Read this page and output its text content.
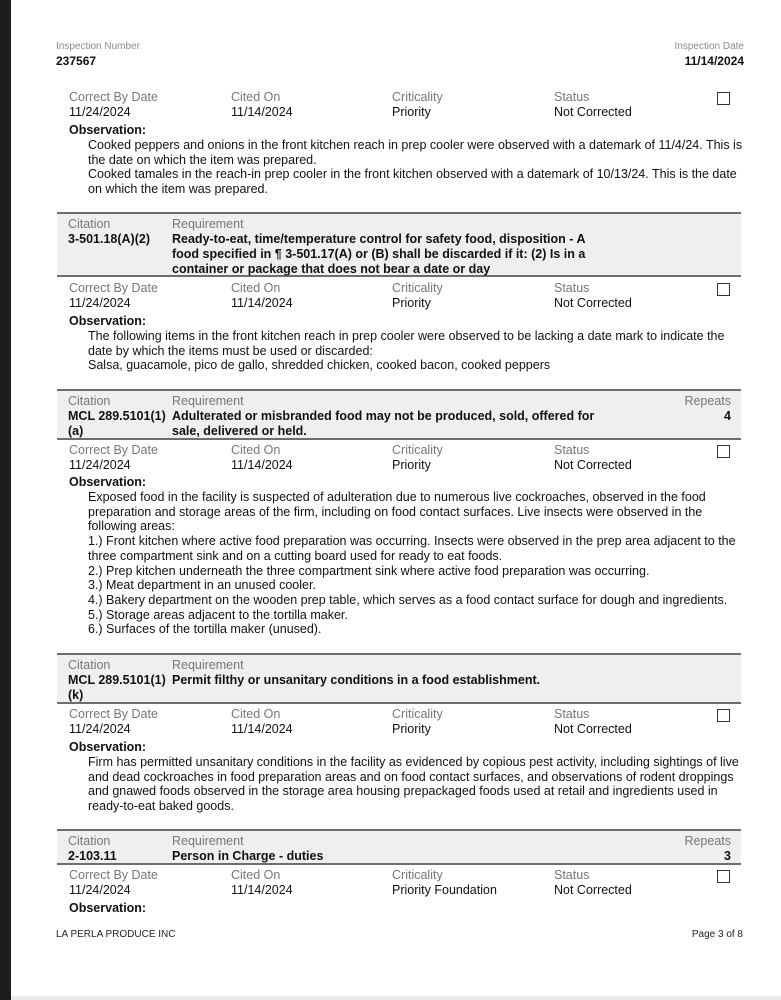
Inspection Number
237567
Inspection Date
11/14/2024
Correct By Date
11/24/2024
Cited On
11/14/2024
Criticality
Priority
Status
Not Corrected
Observation:

Cooked peppers and onions in the front kitchen reach in prep cooler were observed with a datemark of 11/4/24. This is the date on which the item was prepared.

Cooked tamales in the reach-in prep cooler in the front kitchen observed with a datemark of 10/13/24. This is the date on which the item was prepared.

Citation
3-501.18(A)(2)
Requirement
Ready-to-eat, time/temperature control for safety food, disposition - A food specified in ¶ 3-501.17(A) or (B) shall be discarded if it: (2) Is in a container or package that does not bear a date or day
Correct By Date
11/24/2024
Cited On
11/14/2024
Criticality
Priority
Status
Not Corrected
Observation:

The following items in the front kitchen reach in prep cooler were observed to be lacking a date mark to indicate the date by which the items must be used or discarded:

Salsa, guacamole, pico de gallo, shredded chicken, cooked bacon, cooked peppers

Citation
MCL 289.5101(1)(a)
Requirement
Adulterated or misbranded food may not be produced, sold, offered for sale, delivered or held.
Repeats
4
Correct By Date
11/24/2024
Cited On
11/14/2024
Criticality
Priority
Status
Not Corrected
Observation:

Exposed food in the facility is suspected of adulteration due to numerous live cockroaches, observed in the food preparation and storage areas of the firm, including on food contact surfaces. Live insects were observed in the following areas:

1.) Front kitchen where active food preparation was occurring. Insects were observed in the prep area adjacent to the three compartment sink and on a cutting board used for ready to eat foods.

2.) Prep kitchen underneath the three compartment sink where active food preparation was occurring.

3.) Meat department in an unused cooler.

4.) Bakery department on the wooden prep table, which serves as a food contact surface for dough and ingredients.

5.) Storage areas adjacent to the tortilla maker.

6.) Surfaces of the tortilla maker (unused).

Citation
MCL 289.5101(1)(k)
Requirement
Permit filthy or unsanitary conditions in a food establishment.
Correct By Date
11/24/2024
Cited On
11/14/2024
Criticality
Priority
Status
Not Corrected
Observation:

Firm has permitted unsanitary conditions in the facility as evidenced by copious pest activity, including sightings of live and dead cockroaches in food preparation areas and on food contact surfaces, and observations of rodent droppings and gnawed foods observed in the storage area housing prepackaged foods used at retail and ingredients used in ready-to-eat baked goods.

Citation
2-103.11
Requirement
Person in Charge - duties
Repeats
3
Correct By Date
11/24/2024
Cited On
11/14/2024
Criticality
Priority Foundation
Status
Not Corrected
Observation:
LA PERLA PRODUCE INC	Page 3 of 8
